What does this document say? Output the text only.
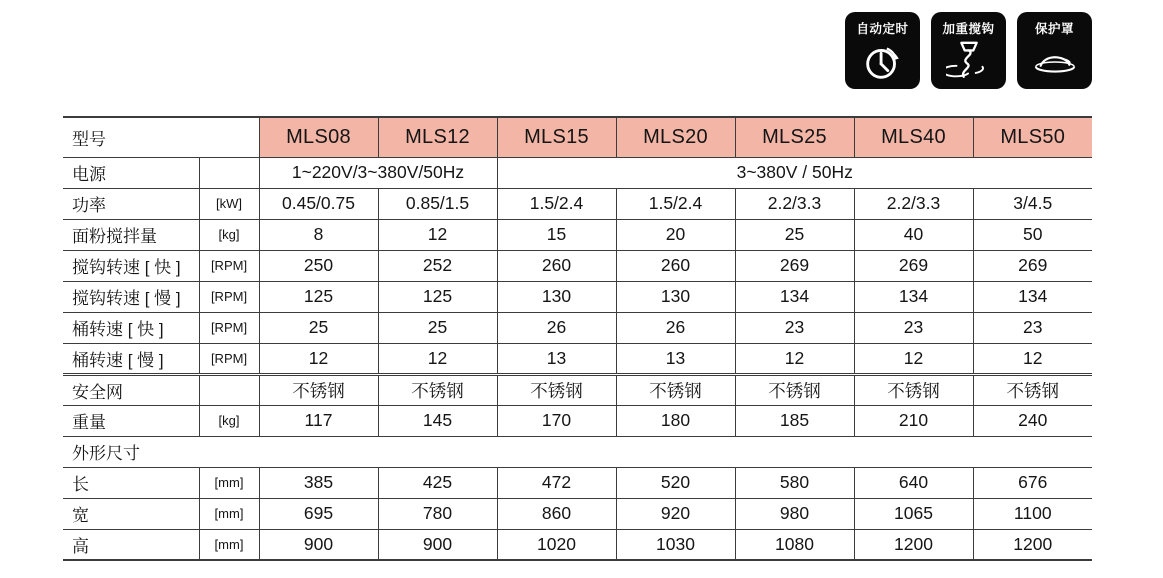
自动定时	加重搅钩	保护罩
型号		MLS08	MLS12	MLS15	MLS20	MLS25	MLS40	MLS50
电源		1~220V/3~380V/50Hz		3~380V / 50Hz				
功率	[kW]	0.45/0.75	0.85/1.5	1.5/2.4	1.5/2.4	2.2/3.3	2.2/3.3	3/4.5
面粉搅拌量	[kg]	8	12	15	20	25	40	50
搅钩转速 [ 快 ]	[RPM]	250	252	260	260	269	269	269
搅钩转速 [ 慢 ]	[RPM]	125	125	130	130	134	134	134
桶转速 [ 快 ]	[RPM]	25	25	26	26	23	23	23
桶转速 [ 慢 ]	[RPM]	12	12	13	13	12	12	12
安全网		不锈钢	不锈钢	不锈钢	不锈钢	不锈钢	不锈钢	不锈钢
重量	[kg]	117	145	170	180	185	210	240
外形尺寸								
长	[mm]	385	425	472	520	580	640	676
宽	[mm]	695	780	860	920	980	1065	1100
高	[mm]	900	900	1020	1030	1080	1200	1200
